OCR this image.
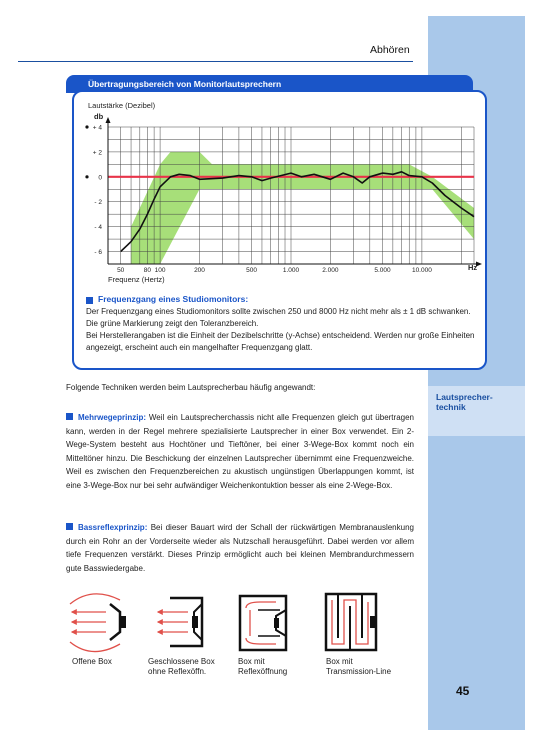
Lautsprecher-technik
45
Abhören
Übertragungsbereich von Monitorlautsprechern
+ 4
+ 2
0
- 2
- 4
- 6
50	80 100	200	500	1.000	2.000	5.000	10.000
Lautstärke (Dezibel)
db
Frequenz (Hertz)
Hz
Frequenzgang eines Studiomonitors:
Der Frequenzgang eines Studiomonitors sollte zwischen 250 und 8000 Hz nicht mehr als ± 1 dB schwanken. Die grüne Markierung zeigt den Toleranzbereich.
Bei Herstellerangaben ist die Einheit der Dezibelschritte (y-Achse) entscheidend. Werden nur große Einheiten angezeigt, erscheint auch ein mangelhafter Frequenzgang glatt.
Folgende Techniken werden beim Lautsprecherbau häufig angewandt:
Mehrwegeprinzip: Weil ein Lautsprecherchassis nicht alle Frequenzen gleich gut übertragen kann, werden in der Regel mehrere spezialisierte Lautsprecher in einer Box verwendet. Ein 2-Wege-System besteht aus Hochtöner und Tieftöner, bei einer 3-Wege-Box kommt noch ein Mitteltöner hinzu. Die Beschickung der einzelnen Lautsprecher übernimmt eine Frequenzweiche. Weil es zwischen den Frequenzbereichen zu akustisch ungünstigen Überlappungen kommt, ist eine 3-Wege-Box nur bei sehr aufwändiger Weichenkontuktion besser als eine 2-Wege-Box.
Bassreflexprinzip: Bei dieser Bauart wird der Schall der rückwärtigen Membranauslenkung durch ein Rohr an der Vorderseite wieder als Nutzschall herausgeführt. Dabei werden vor allem tiefe Frequenzen verstärkt. Dieses Prinzip ermöglicht auch bei kleinen Membrandurchmessern gute Basswiedergabe.
Offene Box	Geschlossene Box
ohne Reflexöffn.
Box mit
Reflexöffnung
Box mit
Transmission-Line
